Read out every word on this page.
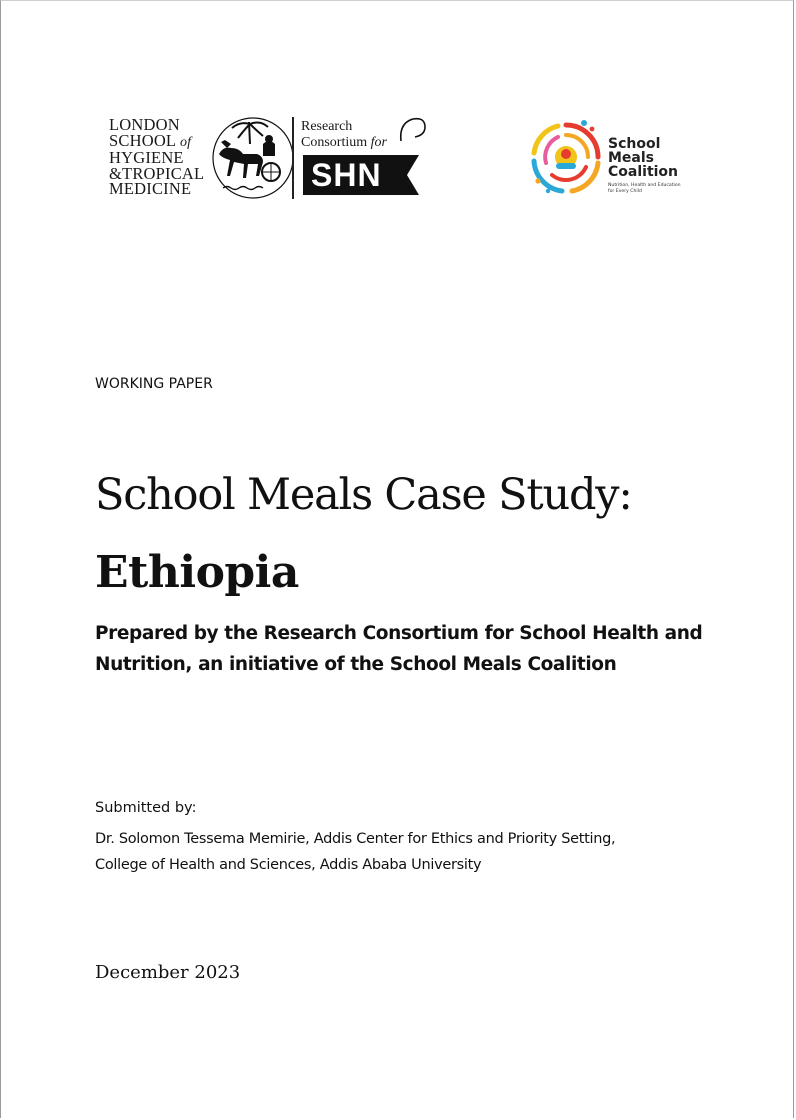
LONDON
SCHOOL of
HYGIENE
&TROPICAL
MEDICINE
Research
Consortium for
SHN
School
Meals
Coalition
Nutrition, Health and Education for Every Child
WORKING PAPER
School Meals Case Study:
Ethiopia
Prepared by the Research Consortium for School Health and Nutrition, an initiative of the School Meals Coalition
Submitted by:
Dr. Solomon Tessema Memirie, Addis Center for Ethics and Priority Setting,
College of Health and Sciences, Addis Ababa University
December 2023
